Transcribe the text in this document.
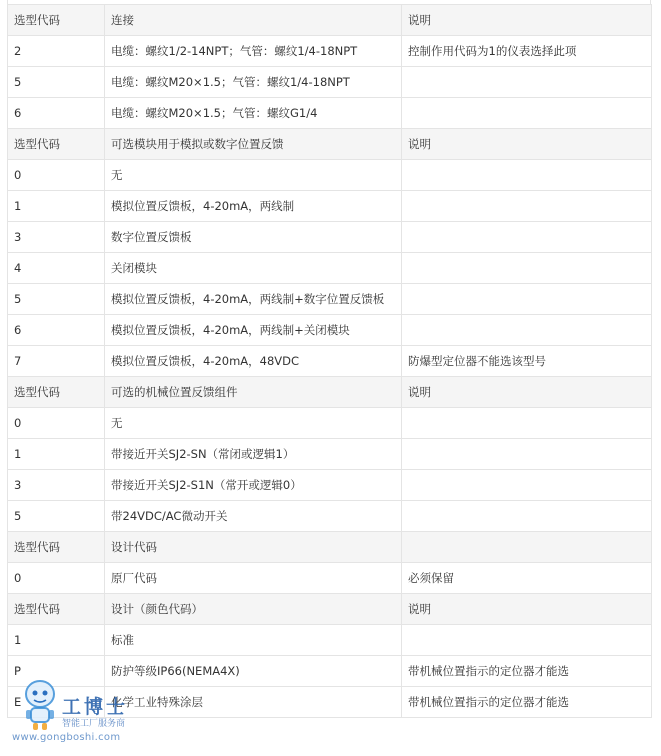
选型代码	连接	说明
2	电缆：螺纹1/2-14NPT；气管：螺纹1/4-18NPT	控制作用代码为1的仪表选择此项
5	电缆：螺纹M20×1.5；气管：螺纹1/4-18NPT	
6	电缆：螺纹M20×1.5；气管：螺纹G1/4	
选型代码	可选模块用于模拟或数字位置反馈	说明
0	无	
1	模拟位置反馈板，4-20mA，两线制	
3	数字位置反馈板	
4	关闭模块	
5	模拟位置反馈板，4-20mA，两线制+数字位置反馈板	
6	模拟位置反馈板，4-20mA，两线制+关闭模块	
7	模拟位置反馈板，4-20mA，48VDC	防爆型定位器不能选该型号
选型代码	可选的机械位置反馈组件	说明
0	无	
1	带接近开关SJ2-SN（常闭或逻辑1）	
3	带接近开关SJ2-S1N（常开或逻辑0）	
5	带24VDC/AC微动开关	
选型代码	设计代码	
0	原厂代码	必须保留
选型代码	设计（颜色代码）	说明
1	标准	
P	防护等级IP66(NEMA4X)	带机械位置指示的定位器才能选
E	化学工业特殊涂层	带机械位置指示的定位器才能选
工博士
智能工厂服务商
www.gongboshi.com
